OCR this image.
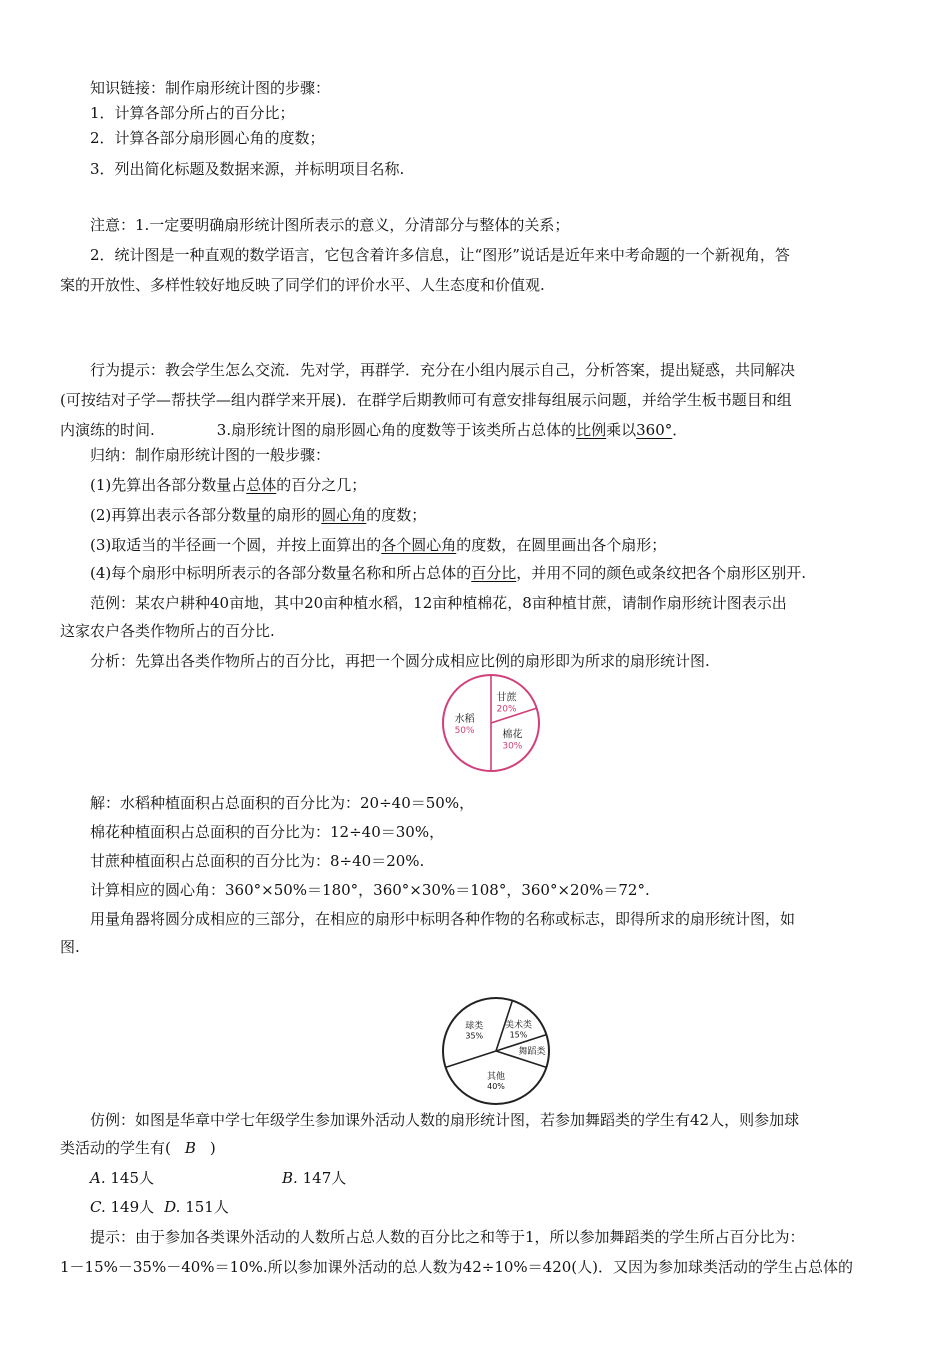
知识链接：制作扇形统计图的步骤：
1．计算各部分所占的百分比；
2．计算各部分扇形圆心角的度数；
3．列出简化标题及数据来源，并标明项目名称.
注意：1.一定要明确扇形统计图所表示的意义，分清部分与整体的关系；
2．统计图是一种直观的数学语言，它包含着许多信息，让“图形”说话是近年来中考命题的一个新视角，答
案的开放性、多样性较好地反映了同学们的评价水平、人生态度和价值观.
行为提示：教会学生怎么交流．先对学，再群学．充分在小组内展示自己，分析答案，提出疑惑，共同解决
(可按结对子学—帮扶学—组内群学来开展)．在群学后期教师可有意安排每组展示问题，并给学生板书题目和组
内演练的时间.	3.扇形统计图的扇形圆心角的度数等于该类所占总体的比例乘以360°．
归纳：制作扇形统计图的一般步骤：
(1)先算出各部分数量占总体的百分之几；
(2)再算出表示各部分数量的扇形的圆心角的度数；
(3)取适当的半径画一个圆，并按上面算出的各个圆心角的度数，在圆里画出各个扇形；
(4)每个扇形中标明所表示的各部分数量名称和所占总体的百分比，并用不同的颜色或条纹把各个扇形区别开.
范例：某农户耕种40亩地，其中20亩种植水稻，12亩种植棉花，8亩种植甘蔗，请制作扇形统计图表示出
这家农户各类作物所占的百分比.
分析：先算出各类作物所占的百分比，再把一个圆分成相应比例的扇形即为所求的扇形统计图.
甘蔗
20%
棉花
30%
水稻
50%
解：水稻种植面积占总面积的百分比为：20÷40＝50%，
棉花种植面积占总面积的百分比为：12÷40＝30%，
甘蔗种植面积占总面积的百分比为：8÷40＝20%.
计算相应的圆心角：360°×50%＝180°，360°×30%＝108°，360°×20%＝72°.
用量角器将圆分成相应的三部分，在相应的扇形中标明各种作物的名称或标志，即得所求的扇形统计图，如
图.
美术类
15%
舞蹈类
其他
40%
球类
35%
仿例：如图是华章中学七年级学生参加课外活动人数的扇形统计图，若参加舞蹈类的学生有42人，则参加球
类活动的学生有( B )
A. 145人	B. 147人
C. 149人 D. 151人
提示：由于参加各类课外活动的人数所占总人数的百分比之和等于1，所以参加舞蹈类的学生所占百分比为：
1－15%－35%－40%＝10%.所以参加课外活动的总人数为42÷10%＝420(人)．又因为参加球类活动的学生占总体的
